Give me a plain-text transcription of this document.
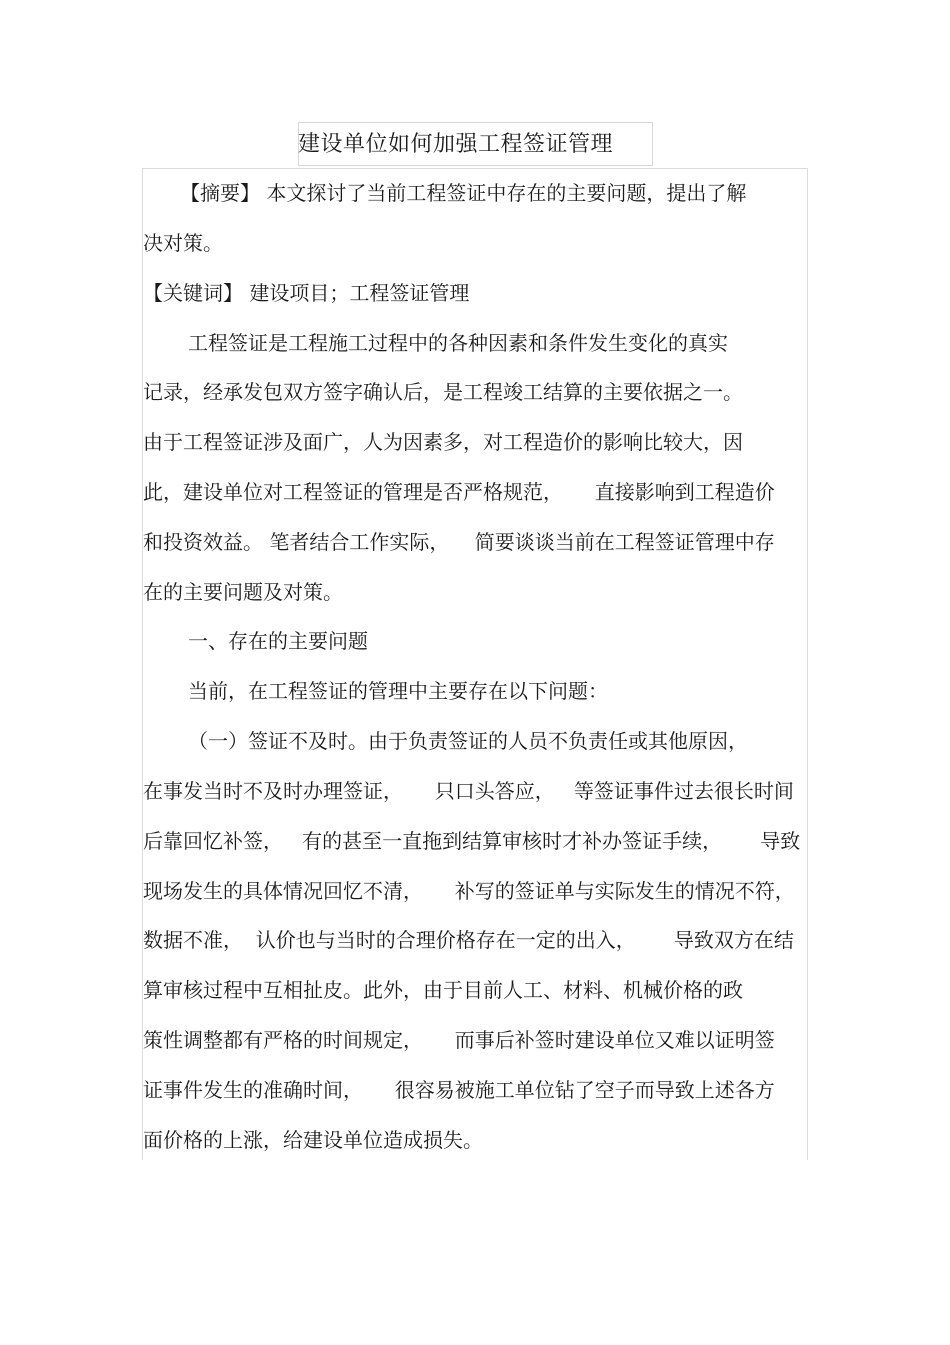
建设单位如何加强工程签证管理
【摘要】 本文探讨了当前工程签证中存在的主要问题，提出了解
决对策。
【关键词】 建设项目；工程签证管理
工程签证是工程施工过程中的各种因素和条件发生变化的真实
记录，经承发包双方签字确认后，是工程竣工结算的主要依据之一。
由于工程签证涉及面广，人为因素多，对工程造价的影响比较大，因
此，建设单位对工程签证的管理是否严格规范，     直接影响到工程造价
和投资效益。 笔者结合工作实际，    简要谈谈当前在工程签证管理中存
在的主要问题及对策。
一、存在的主要问题
当前，在工程签证的管理中主要存在以下问题：
（一）签证不及时。由于负责签证的人员不负责任或其他原因，
在事发当时不及时办理签证，     只口头答应，   等签证事件过去很长时间
后靠回忆补签，   有的甚至一直拖到结算审核时才补办签证手续，      导致
现场发生的具体情况回忆不清，     补写的签证单与实际发生的情况不符，
数据不准，  认价也与当时的合理价格存在一定的出入，      导致双方在结
算审核过程中互相扯皮。此外，由于目前人工、材料、机械价格的政
策性调整都有严格的时间规定，     而事后补签时建设单位又难以证明签
证事件发生的准确时间，     很容易被施工单位钻了空子而导致上述各方
面价格的上涨，给建设单位造成损失。
